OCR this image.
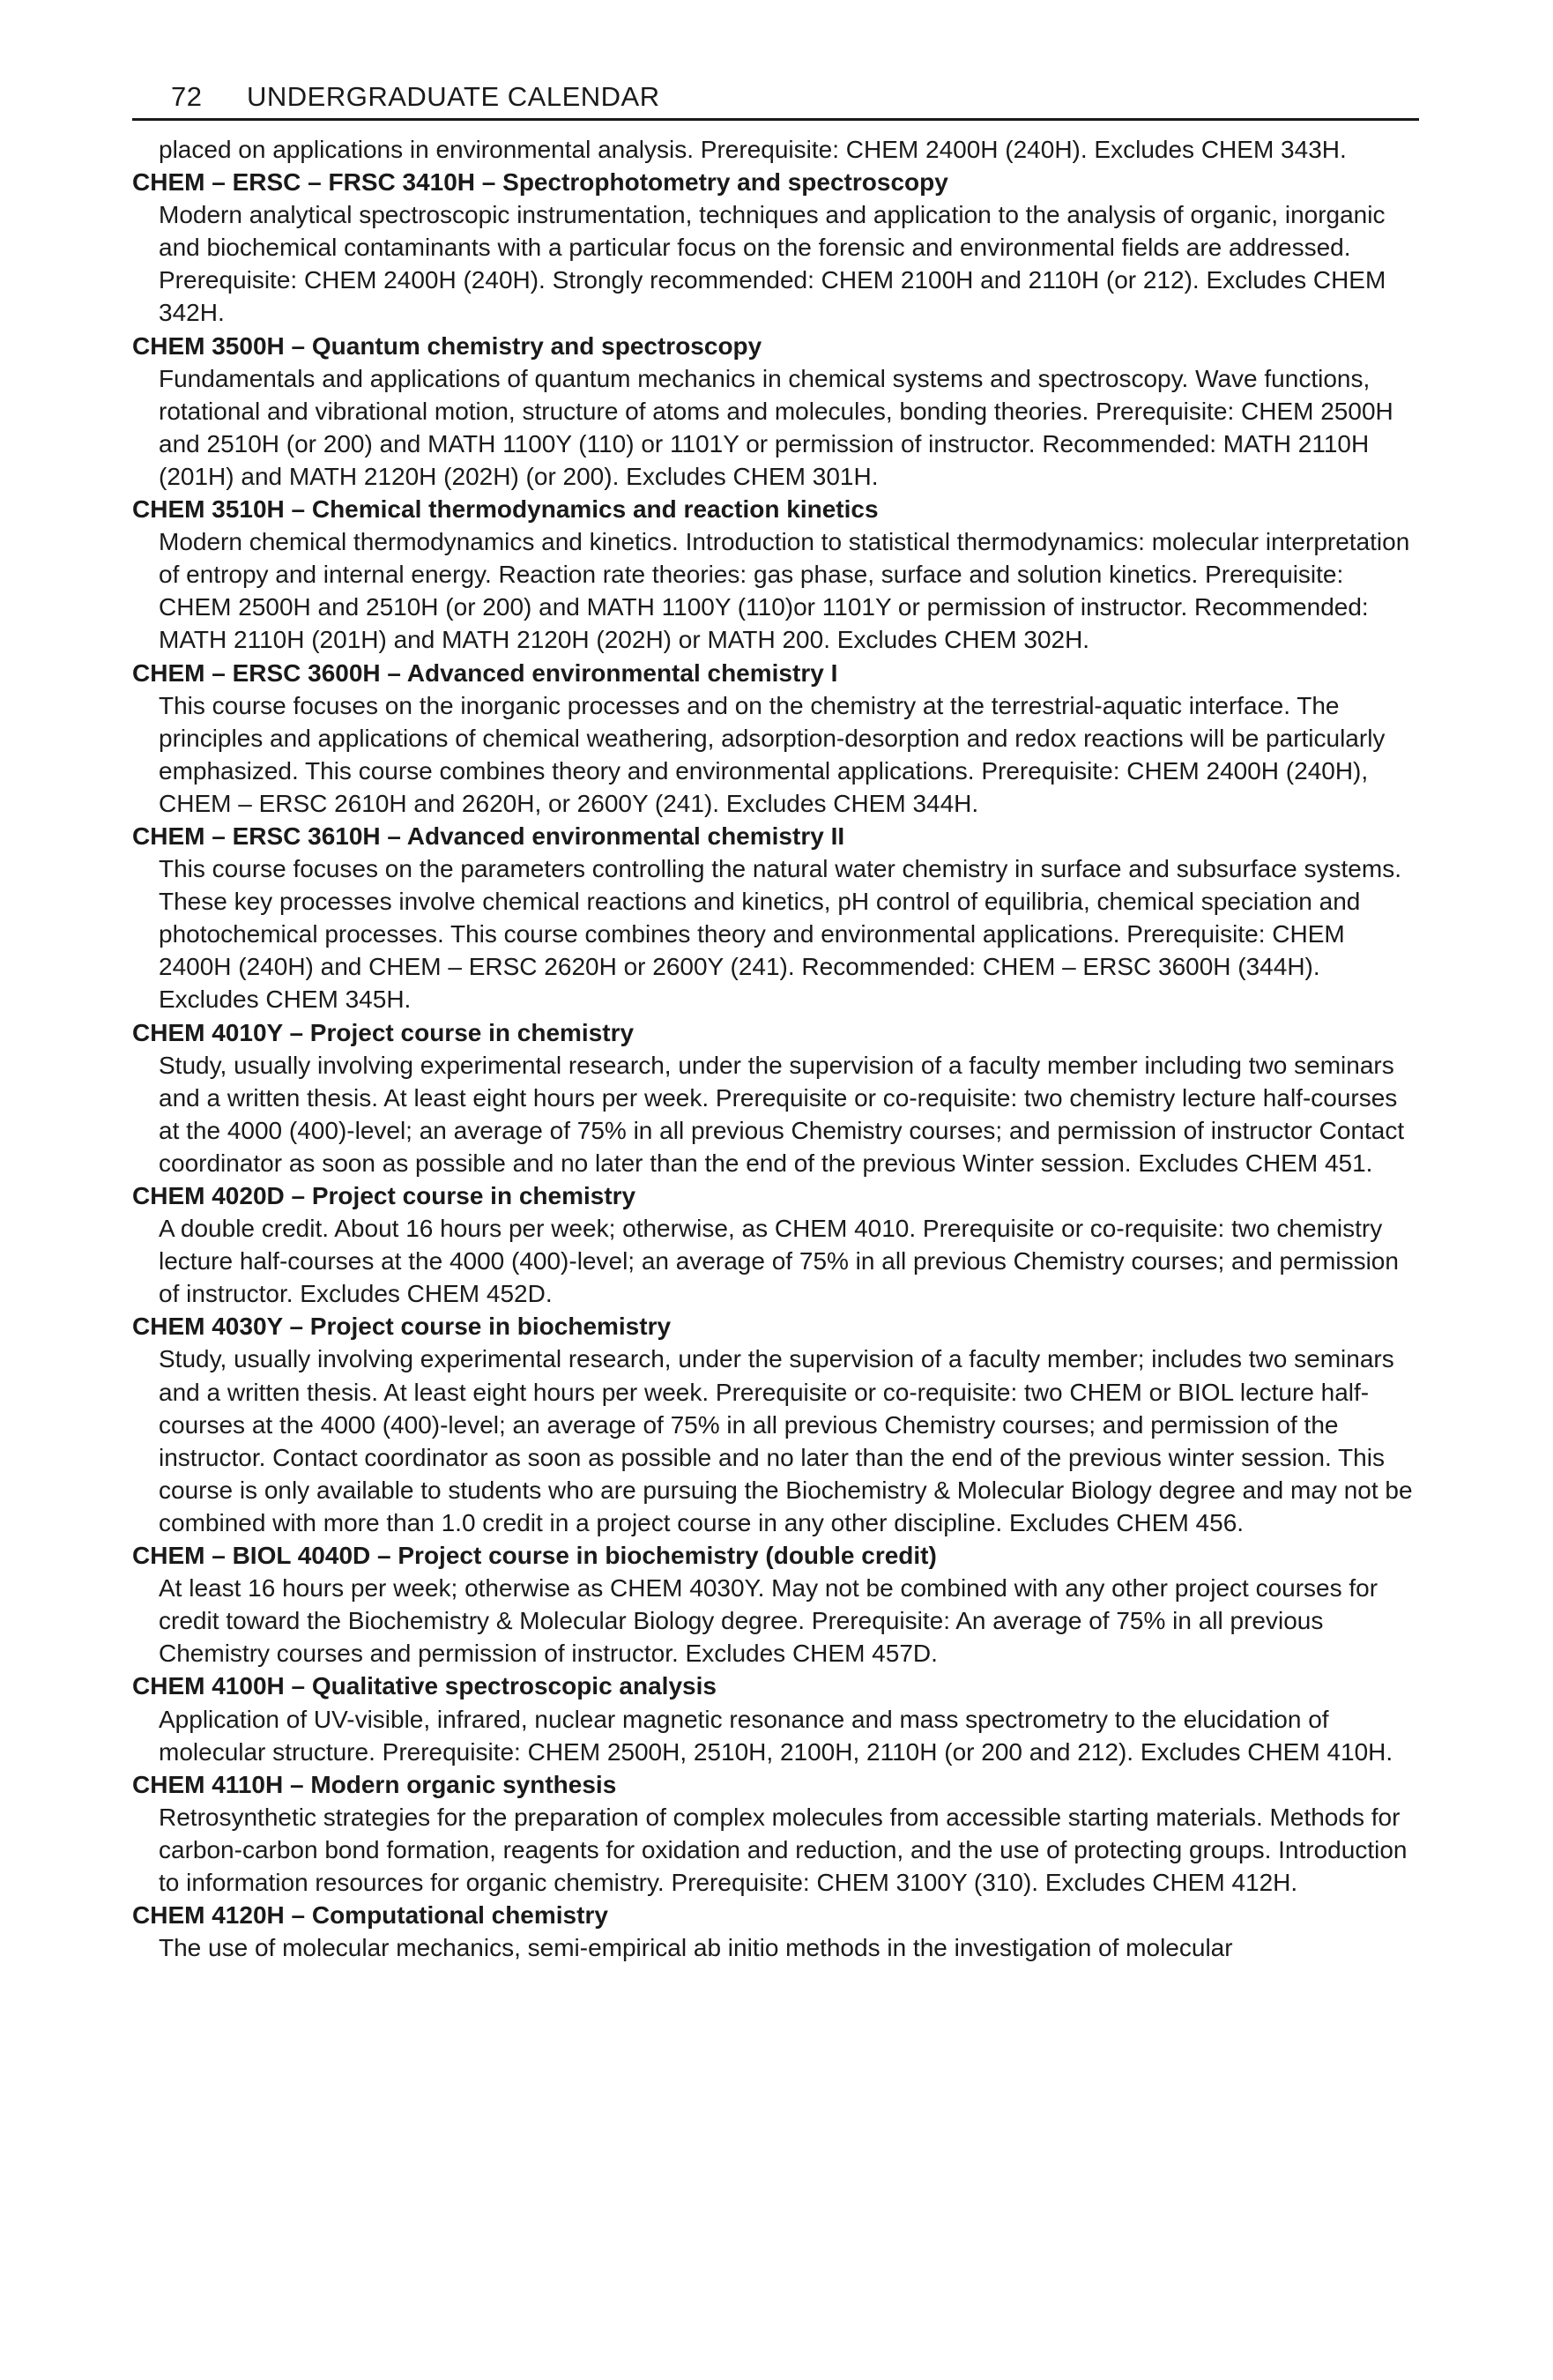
72	UNDERGRADUATE CALENDAR

placed on applications in environmental analysis. Prerequisite: CHEM 2400H (240H). Excludes CHEM 343H.

CHEM – ERSC – FRSC 3410H – Spectrophotometry and spectroscopy

Modern analytical spectroscopic instrumentation, techniques and application to the analysis of organic, inorganic and biochemical contaminants with a particular focus on the forensic and environmental fields are addressed. Prerequisite: CHEM 2400H (240H). Strongly recommended: CHEM 2100H and 2110H (or 212). Excludes CHEM 342H.

CHEM 3500H – Quantum chemistry and spectroscopy

Fundamentals and applications of quantum mechanics in chemical systems and spectroscopy. Wave functions, rotational and vibrational motion, structure of atoms and molecules, bonding theories. Prerequisite: CHEM 2500H and 2510H (or 200) and MATH 1100Y (110) or 1101Y or permission of instructor. Recommended: MATH 2110H (201H) and MATH 2120H (202H) (or 200). Excludes CHEM 301H.

CHEM 3510H – Chemical thermodynamics and reaction kinetics

Modern chemical thermodynamics and kinetics. Introduction to statistical thermodynamics: molecular interpretation of entropy and internal energy. Reaction rate theories: gas phase, surface and solution kinetics. Prerequisite: CHEM 2500H and 2510H (or 200) and MATH 1100Y (110)or 1101Y or permission of instructor. Recommended: MATH 2110H (201H) and MATH 2120H (202H) or MATH 200. Excludes CHEM 302H.

CHEM – ERSC 3600H – Advanced environmental chemistry I

This course focuses on the inorganic processes and on the chemistry at the terrestrial-aquatic interface. The principles and applications of chemical weathering, adsorption-desorption and redox reactions will be particularly emphasized. This course combines theory and environmental applications. Prerequisite: CHEM 2400H (240H), CHEM – ERSC 2610H and 2620H, or 2600Y (241). Excludes CHEM 344H.

CHEM – ERSC 3610H – Advanced environmental chemistry II

This course focuses on the parameters controlling the natural water chemistry in surface and subsurface systems. These key processes involve chemical reactions and kinetics, pH control of equilibria, chemical speciation and photochemical processes. This course combines theory and environmental applications. Prerequisite: CHEM 2400H (240H) and CHEM – ERSC 2620H or 2600Y (241). Recommended: CHEM – ERSC 3600H (344H). Excludes CHEM 345H.

CHEM 4010Y – Project course in chemistry

Study, usually involving experimental research, under the supervision of a faculty member including two seminars and a written thesis. At least eight hours per week. Prerequisite or co-requisite: two chemistry lecture half-courses at the 4000 (400)-level; an average of 75% in all previous Chemistry courses; and permission of instructor Contact coordinator as soon as possible and no later than the end of the previous Winter session. Excludes CHEM 451.

CHEM 4020D – Project course in chemistry

A double credit. About 16 hours per week; otherwise, as CHEM 4010. Prerequisite or co-requisite: two chemistry lecture half-courses at the 4000 (400)-level; an average of 75% in all previous Chemistry courses; and permission of instructor. Excludes CHEM 452D.

CHEM 4030Y – Project course in biochemistry

Study, usually involving experimental research, under the supervision of a faculty member; includes two seminars and a written thesis. At least eight hours per week. Prerequisite or co-requisite: two CHEM or BIOL lecture half-courses at the 4000 (400)-level; an average of 75% in all previous Chemistry courses; and permission of the instructor. Contact coordinator as soon as possible and no later than the end of the previous winter session. This course is only available to students who are pursuing the Biochemistry & Molecular Biology degree and may not be combined with more than 1.0 credit in a project course in any other discipline. Excludes CHEM 456.

CHEM – BIOL 4040D – Project course in biochemistry (double credit)

At least 16 hours per week; otherwise as CHEM 4030Y. May not be combined with any other project courses for credit toward the Biochemistry & Molecular Biology degree. Prerequisite: An average of 75% in all previous Chemistry courses and permission of instructor. Excludes CHEM 457D.

CHEM 4100H – Qualitative spectroscopic analysis

Application of UV-visible, infrared, nuclear magnetic resonance and mass spectrometry to the elucidation of molecular structure. Prerequisite: CHEM 2500H, 2510H, 2100H, 2110H (or 200 and 212). Excludes CHEM 410H.

CHEM 4110H – Modern organic synthesis

Retrosynthetic strategies for the preparation of complex molecules from accessible starting materials. Methods for carbon-carbon bond formation, reagents for oxidation and reduction, and the use of protecting groups. Introduction to information resources for organic chemistry. Prerequisite: CHEM 3100Y (310). Excludes CHEM 412H.

CHEM 4120H – Computational chemistry

The use of molecular mechanics, semi-empirical ab initio methods in the investigation of molecular
